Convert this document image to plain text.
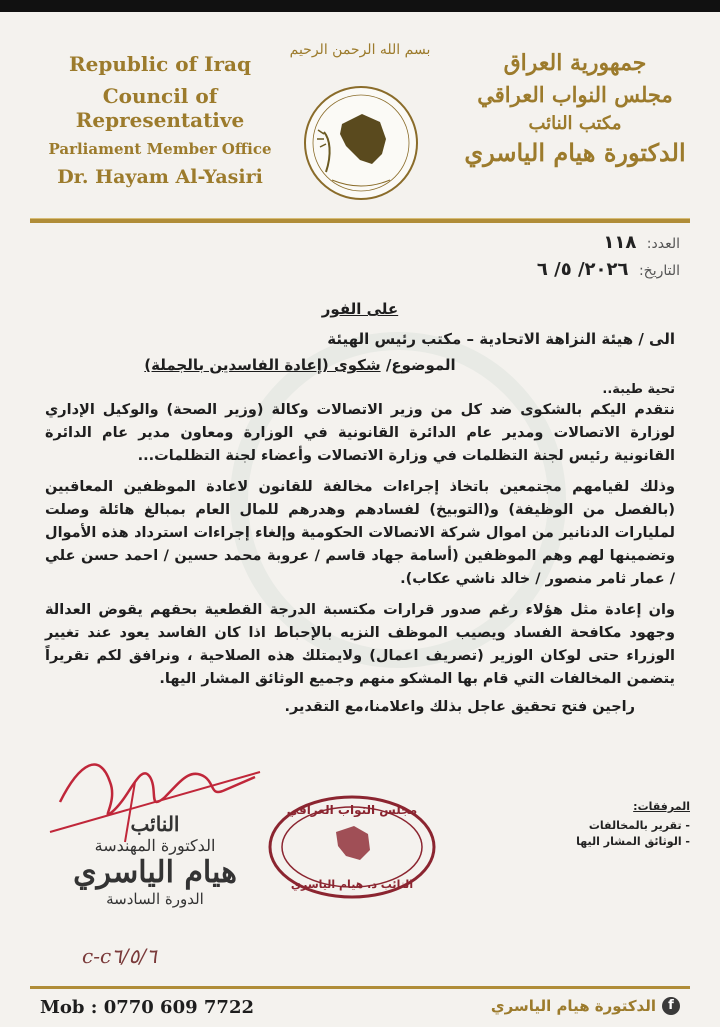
Republic of Iraq
Council of Representative
Parliament Member Office
Dr. Hayam Al-Yasiri
بسم الله الرحمن الرحيم	جمهورية العراق
مجلس النواب العراقي
مكتب النائب
الدكتورة هيام الياسري
العدد: ١١٨
التاريخ: ٢٠٢٦/ ٥/ ٦
على الفور
الى / هيئة النزاهة الاتحادية – مكتب رئيس الهيئة
الموضوع/ شكوى (إعادة الفاسدين بالجملة)
تحية طيبة..
نتقدم اليكم بالشكوى ضد كل من وزير الاتصالات وكالة (وزير الصحة) والوكيل الإداري لوزارة الاتصالات ومدير عام الدائرة القانونية في الوزارة ومعاون مدير عام الدائرة القانونية رئيس لجنة التظلمات في وزارة الاتصالات وأعضاء لجنة التظلمات...
وذلك لقيامهم مجتمعين باتخاذ إجراءات مخالفة للقانون لاعادة الموظفين المعاقبين (بالفصل من الوظيفة) و(التوبيخ) لفسادهم وهدرهم للمال العام بمبالغ هائلة وصلت لمليارات الدنانير من اموال شركة الاتصالات الحكومية وإلغاء إجراءات استرداد هذه الأموال وتضمينها لهم وهم الموظفين (أسامة جهاد قاسم / عروبة محمد حسين / احمد حسن علي / عمار ثامر منصور / خالد ناشي عكاب).
وان إعادة مثل هؤلاء رغم صدور قرارات مكتسبة الدرجة القطعية بحقهم يقوض العدالة وجهود مكافحة الفساد ويصيب الموظف النزيه بالإحباط اذا كان الفاسد يعود عند تغيير الوزراء حتى لوكان الوزير (تصريف اعمال) ولايمتلك هذه الصلاحية ، ونرافق لكم تقريراً يتضمن المخالفات التي قام بها المشكو منهم وجميع الوثائق المشار اليها.
راجين فتح تحقيق عاجل بذلك واعلامنا،مع التقدير.
المرفقات:
- تقرير بالمخالفات
- الوثائق المشار اليها
النائب
الدكتورة المهندسة
هيام الياسري
الدورة السادسة
c-c٦/٥/٦
مجلس النواب العراقي
النائب د. هيام الياسري
Mob : 0770 609 7722	f
الدكتورة هيام الياسري
